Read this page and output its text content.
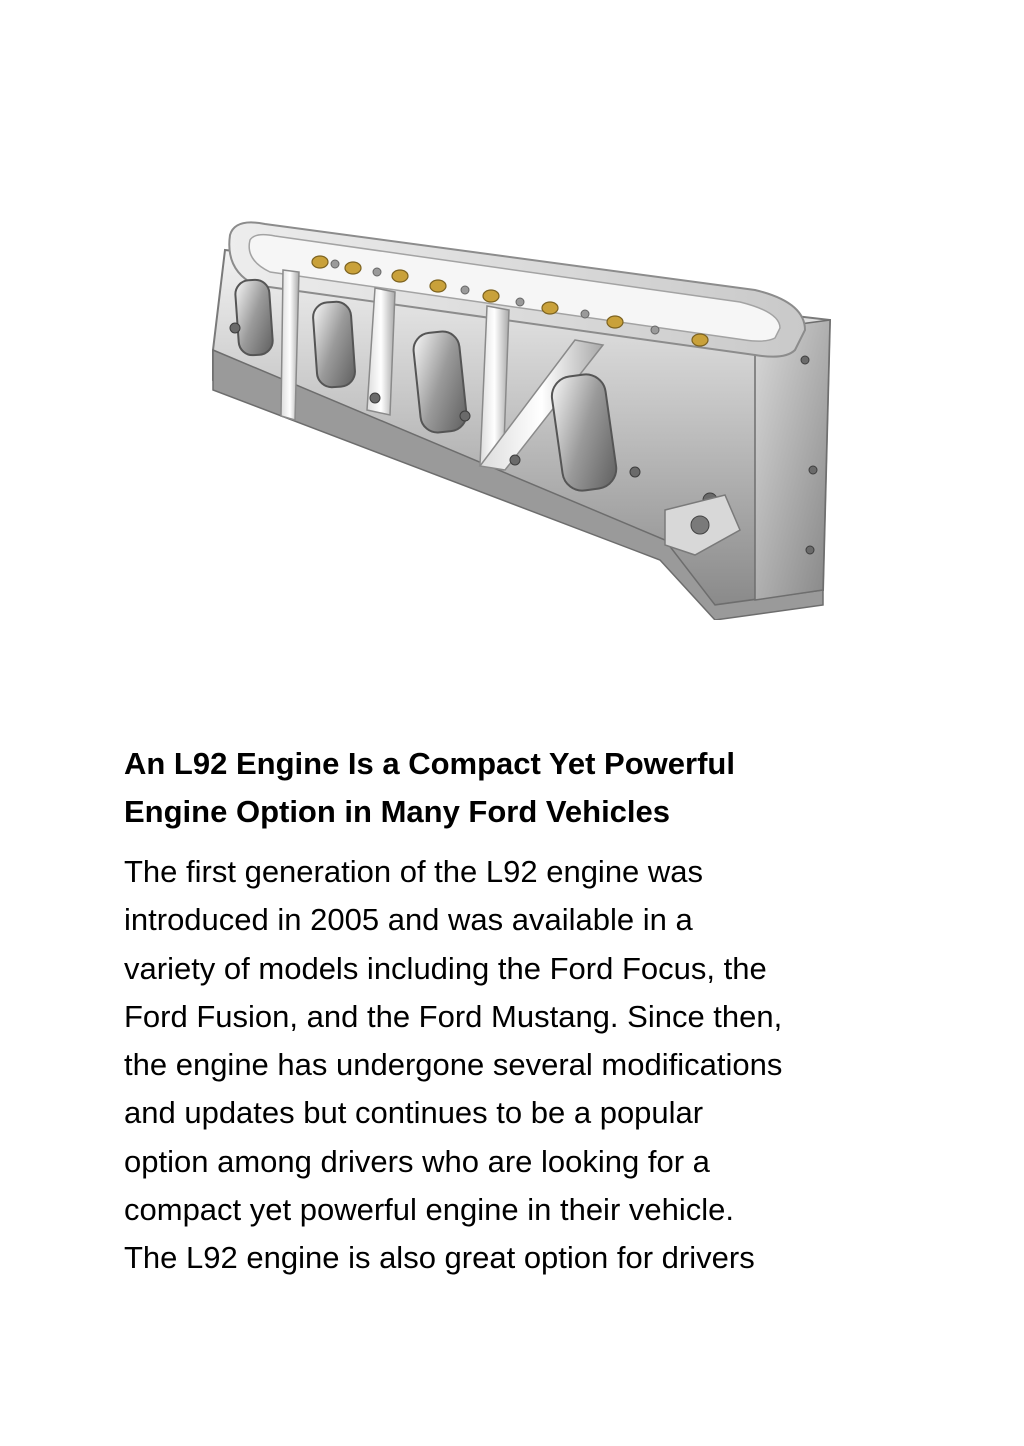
An L92 Engine Is a Compact Yet Powerful
Engine Option in Many Ford Vehicles

The first generation of the L92 engine was
introduced in 2005 and was available in a
variety of models including the Ford Focus, the
Ford Fusion, and the Ford Mustang. Since then,
the engine has undergone several modifications
and updates but continues to be a popular
option among drivers who are looking for a
compact yet powerful engine in their vehicle.
The L92 engine is also great option for drivers
